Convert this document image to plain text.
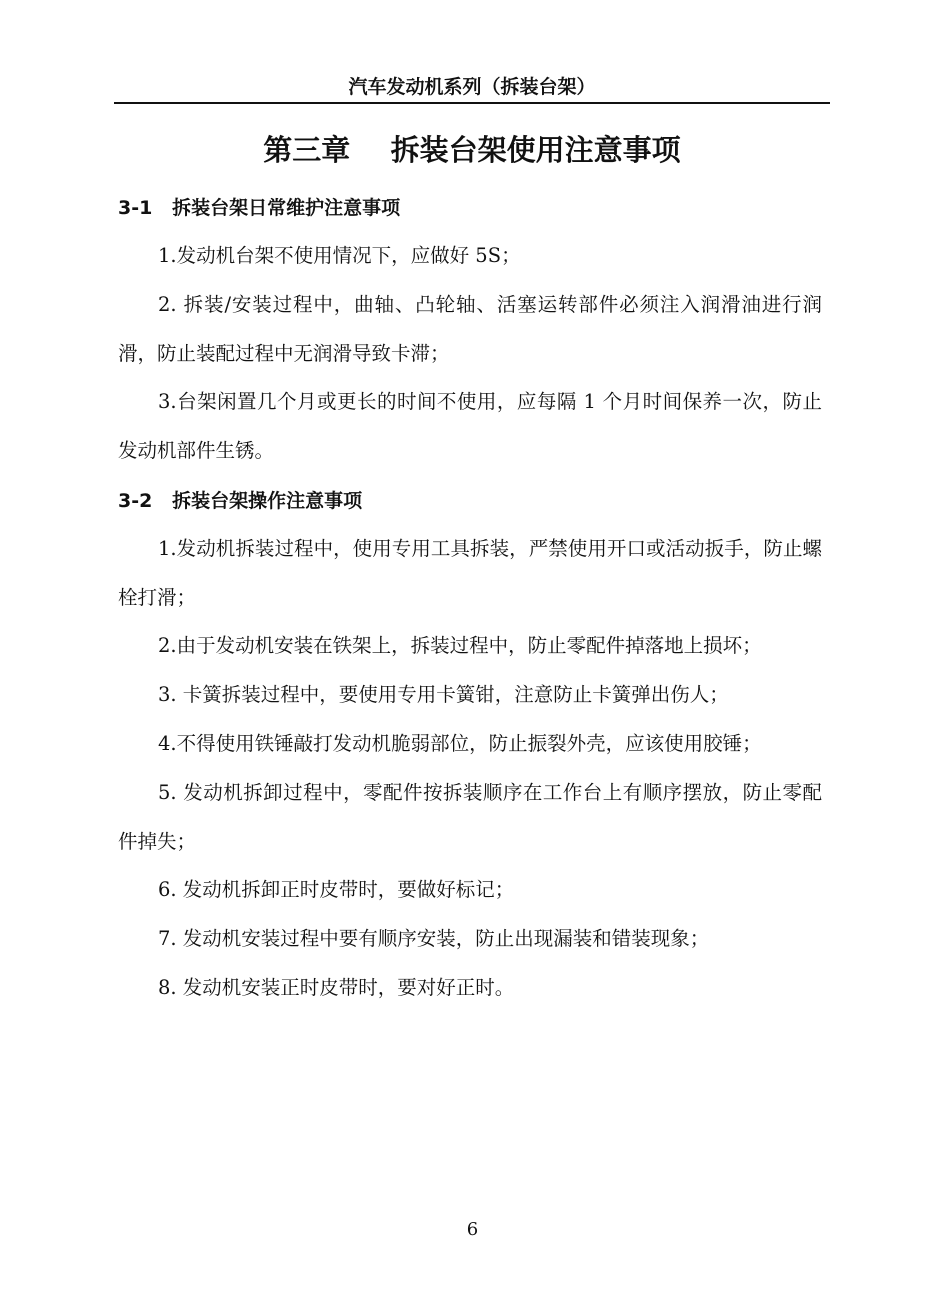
汽车发动机系列（拆装台架）
第三章    拆装台架使用注意事项
3-1   拆装台架日常维护注意事项
1.发动机台架不使用情况下，应做好 5S；
2. 拆装/安装过程中，曲轴、凸轮轴、活塞运转部件必须注入润滑油进行润滑，防止装配过程中无润滑导致卡滞；
3.台架闲置几个月或更长的时间不使用，应每隔 1 个月时间保养一次，防止发动机部件生锈。
3-2   拆装台架操作注意事项
1.发动机拆装过程中，使用专用工具拆装，严禁使用开口或活动扳手，防止螺栓打滑；
2.由于发动机安装在铁架上，拆装过程中，防止零配件掉落地上损坏；
3. 卡簧拆装过程中，要使用专用卡簧钳，注意防止卡簧弹出伤人；
4.不得使用铁锤敲打发动机脆弱部位，防止振裂外壳，应该使用胶锤；
5. 发动机拆卸过程中，零配件按拆装顺序在工作台上有顺序摆放，防止零配件掉失；
6. 发动机拆卸正时皮带时，要做好标记；
7. 发动机安装过程中要有顺序安装，防止出现漏装和错装现象；
8. 发动机安装正时皮带时，要对好正时。
6
